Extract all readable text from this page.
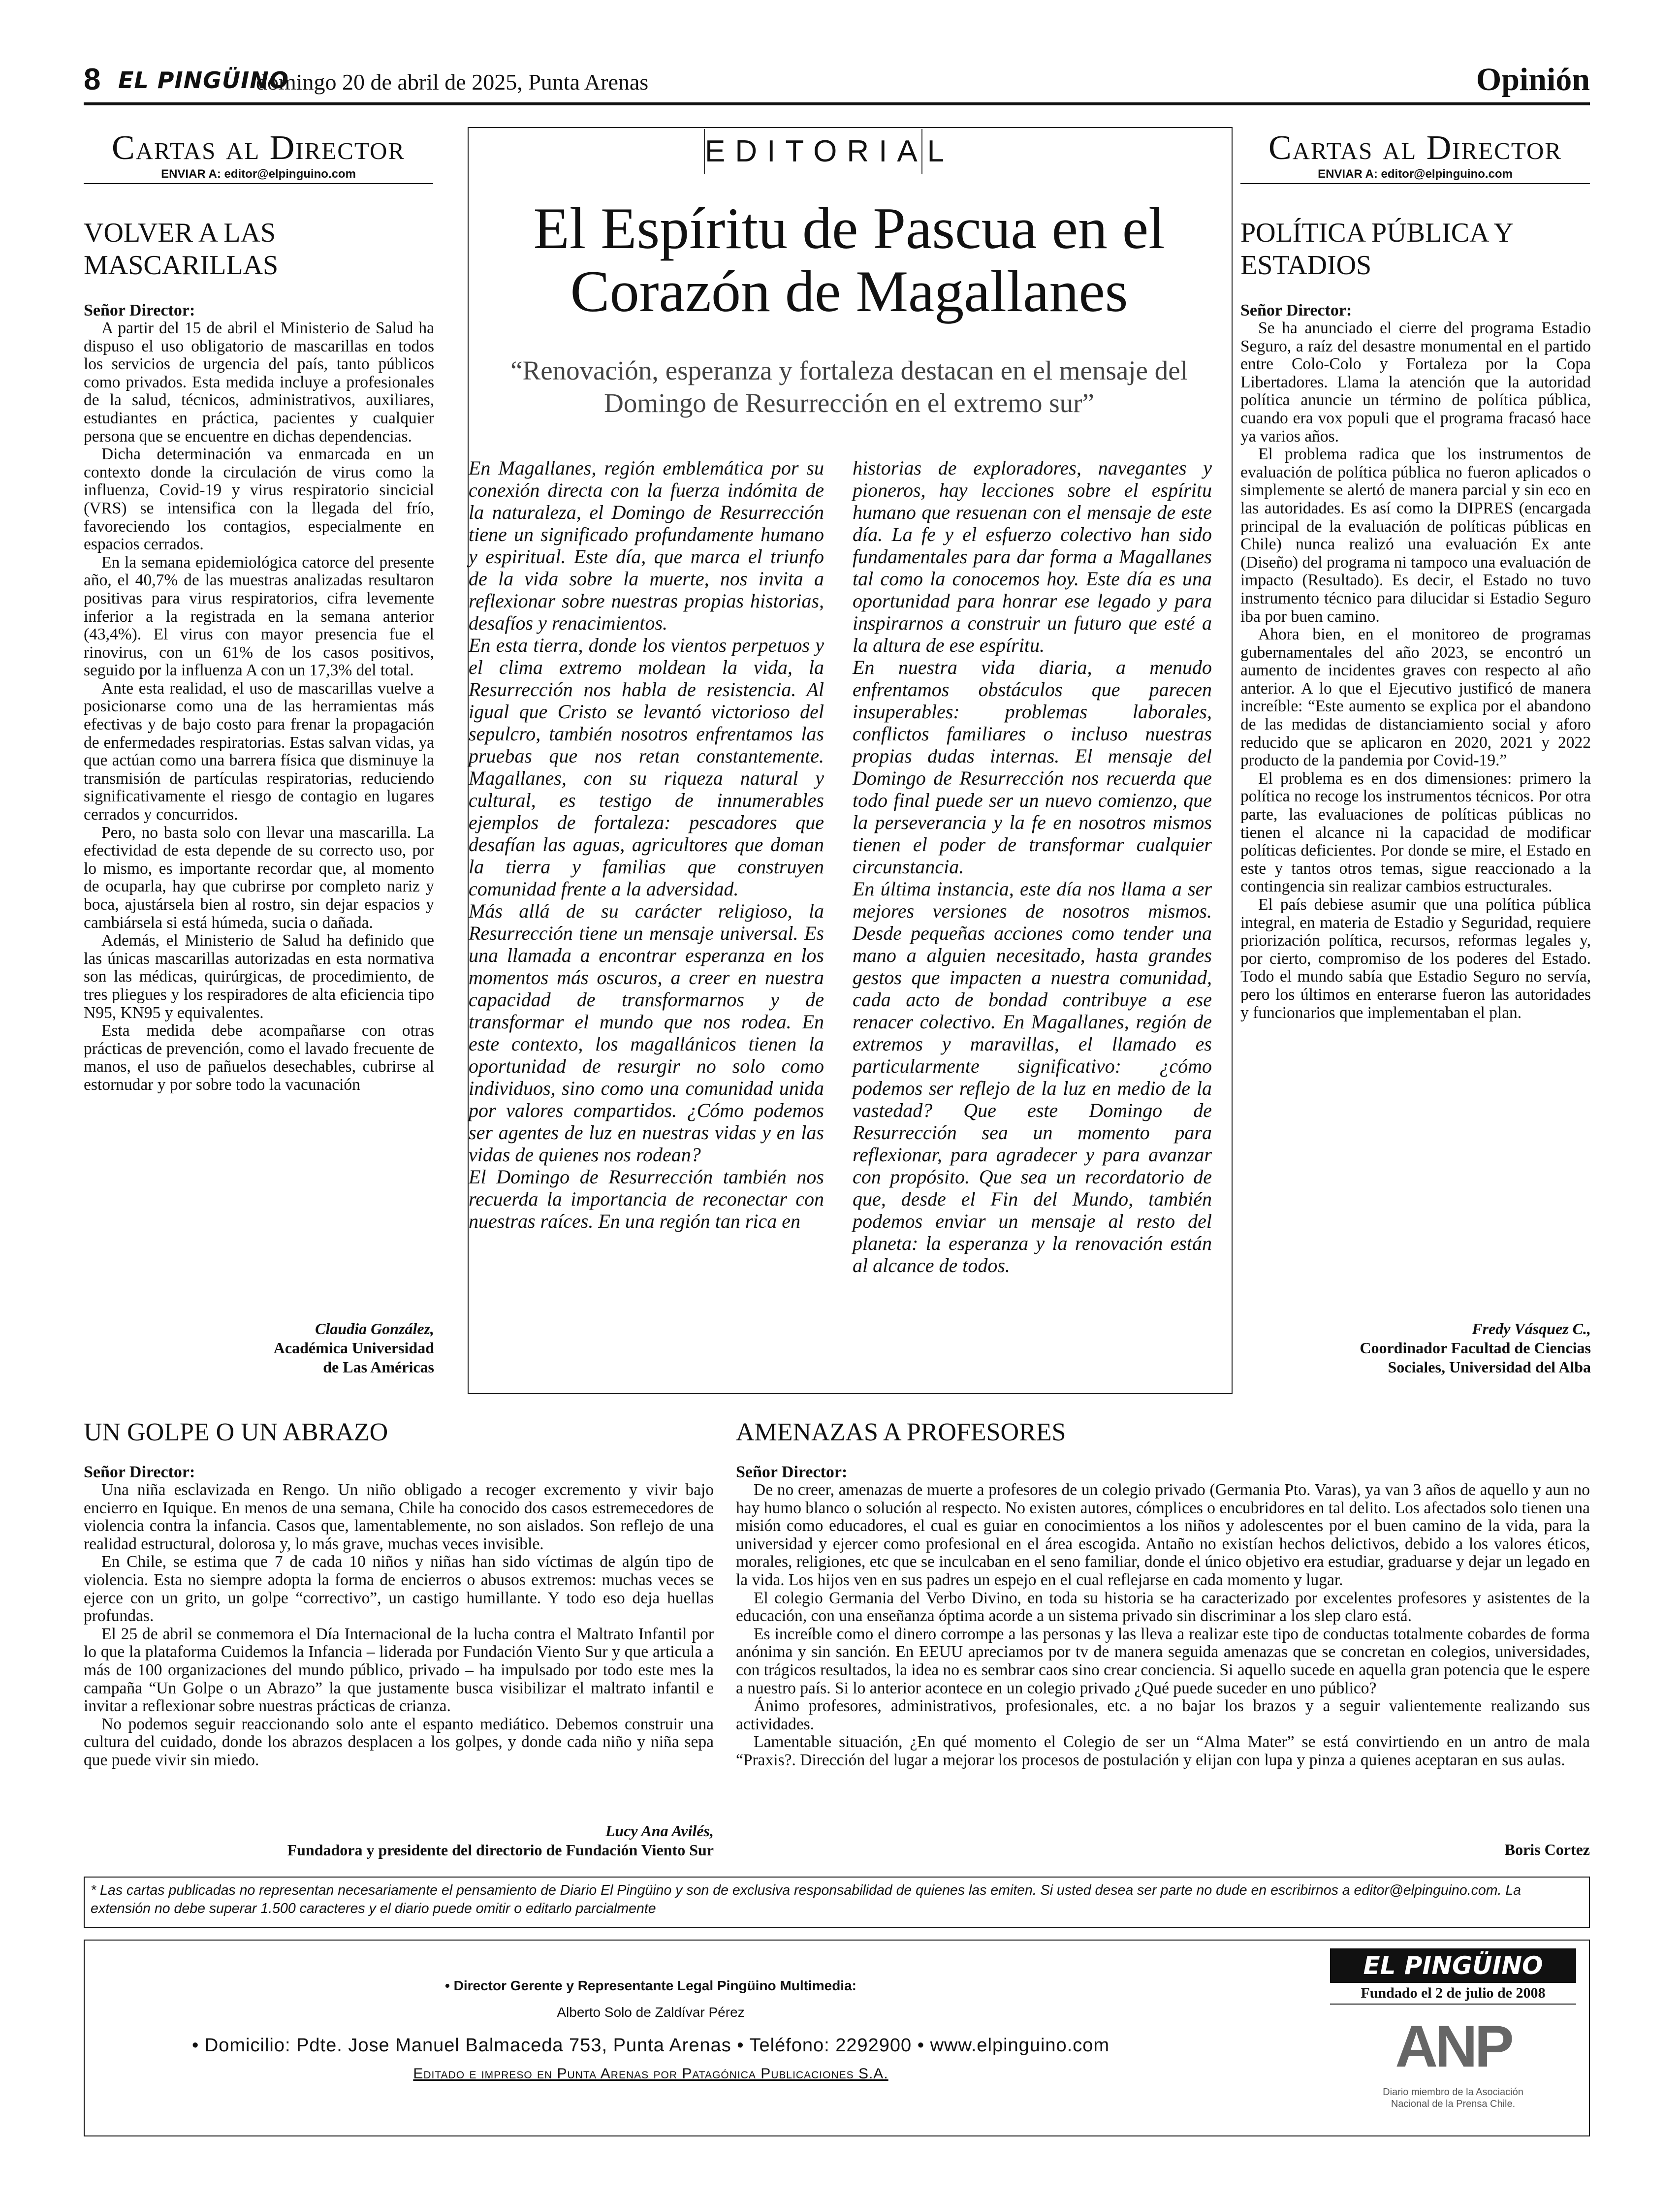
8 EL PINGÜINO
domingo 20 de abril de 2025, Punta Arenas	Opinión
Cartas al Director
ENVIAR A: editor@elpinguino.com
VOLVER A LAS MASCARILLAS
Señor Director:

A partir del 15 de abril el Ministerio de Salud ha dispuso el uso obligatorio de mascarillas en todos los servicios de urgencia del país, tanto públicos como privados. Esta medida incluye a profesionales de la salud, técnicos, administrativos, auxiliares, estudiantes en práctica, pacientes y cualquier persona que se encuentre en dichas dependencias.

Dicha determinación va enmarcada en un contexto donde la circulación de virus como la influenza, Covid-19 y virus respiratorio sincicial (VRS) se intensifica con la llegada del frío, favoreciendo los contagios, especialmente en espacios cerrados.

En la semana epidemiológica catorce del presente año, el 40,7% de las muestras analizadas resultaron positivas para virus respiratorios, cifra levemente inferior a la registrada en la semana anterior (43,4%). El virus con mayor presencia fue el rinovirus, con un 61% de los casos positivos, seguido por la influenza A con un 17,3% del total.

Ante esta realidad, el uso de mascarillas vuelve a posicionarse como una de las herramientas más efectivas y de bajo costo para frenar la propagación de enfermedades respiratorias. Estas salvan vidas, ya que actúan como una barrera física que disminuye la transmisión de partículas respiratorias, reduciendo significativamente el riesgo de contagio en lugares cerrados y concurridos.

Pero, no basta solo con llevar una mascarilla. La efectividad de esta depende de su correcto uso, por lo mismo, es importante recordar que, al momento de ocuparla, hay que cubrirse por completo nariz y boca, ajustársela bien al rostro, sin dejar espacios y cambiársela si está húmeda, sucia o dañada.

Además, el Ministerio de Salud ha definido que las únicas mascarillas autorizadas en esta normativa son las médicas, quirúrgicas, de procedimiento, de tres pliegues y los respiradores de alta eficiencia tipo N95, KN95 y equivalentes.

Esta medida debe acompañarse con otras prácticas de prevención, como el lavado frecuente de manos, el uso de pañuelos desechables, cubrirse al estornudar y por sobre todo la vacunación

Claudia González,
Académica Universidad
de Las Américas
EDITORIAL
El Espíritu de Pascua en el Corazón de Magallanes
“Renovación, esperanza y fortaleza destacan en el mensaje del Domingo de Resurrección en el extremo sur”

En Magallanes, región emblemática por su conexión directa con la fuerza indómita de la naturaleza, el Domingo de Resurrección tiene un significado profundamente humano y espiritual. Este día, que marca el triunfo de la vida sobre la muerte, nos invita a reflexionar sobre nuestras propias historias, desafíos y renacimientos.

En esta tierra, donde los vientos perpetuos y el clima extremo moldean la vida, la Resurrección nos habla de resistencia. Al igual que Cristo se levantó victorioso del sepulcro, también nosotros enfrentamos las pruebas que nos retan constantemente. Magallanes, con su riqueza natural y cultural, es testigo de innumerables ejemplos de fortaleza: pescadores que desafían las aguas, agricultores que doman la tierra y familias que construyen comunidad frente a la adversidad.

Más allá de su carácter religioso, la Resurrección tiene un mensaje universal. Es una llamada a encontrar esperanza en los momentos más oscuros, a creer en nuestra capacidad de transformarnos y de transformar el mundo que nos rodea. En este contexto, los magallánicos tienen la oportunidad de resurgir no solo como individuos, sino como una comunidad unida por valores compartidos. ¿Cómo podemos ser agentes de luz en nuestras vidas y en las vidas de quienes nos rodean?

El Domingo de Resurrección también nos recuerda la importancia de reconectar con nuestras raíces. En una región tan rica en

historias de exploradores, navegantes y pioneros, hay lecciones sobre el espíritu humano que resuenan con el mensaje de este día. La fe y el esfuerzo colectivo han sido fundamentales para dar forma a Magallanes tal como la conocemos hoy. Este día es una oportunidad para honrar ese legado y para inspirarnos a construir un futuro que esté a la altura de ese espíritu.

En nuestra vida diaria, a menudo enfrentamos obstáculos que parecen insuperables: problemas laborales, conflictos familiares o incluso nuestras propias dudas internas. El mensaje del Domingo de Resurrección nos recuerda que todo final puede ser un nuevo comienzo, que la perseverancia y la fe en nosotros mismos tienen el poder de transformar cualquier circunstancia.

En última instancia, este día nos llama a ser mejores versiones de nosotros mismos. Desde pequeñas acciones como tender una mano a alguien necesitado, hasta grandes gestos que impacten a nuestra comunidad, cada acto de bondad contribuye a ese renacer colectivo. En Magallanes, región de extremos y maravillas, el llamado es particularmente significativo: ¿cómo podemos ser reflejo de la luz en medio de la vastedad? Que este Domingo de Resurrección sea un momento para reflexionar, para agradecer y para avanzar con propósito. Que sea un recordatorio de que, desde el Fin del Mundo, también podemos enviar un mensaje al resto del planeta: la esperanza y la renovación están al alcance de todos.

Cartas al Director
ENVIAR A: editor@elpinguino.com
POLÍTICA PÚBLICA Y ESTADIOS
Señor Director:

Se ha anunciado el cierre del programa Estadio Seguro, a raíz del desastre monumental en el partido entre Colo-Colo y Fortaleza por la Copa Libertadores. Llama la atención que la autoridad política anuncie un término de política pública, cuando era vox populi que el programa fracasó hace ya varios años.

El problema radica que los instrumentos de evaluación de política pública no fueron aplicados o simplemente se alertó de manera parcial y sin eco en las autoridades. Es así como la DIPRES (encargada principal de la evaluación de políticas públicas en Chile) nunca realizó una evaluación Ex ante (Diseño) del programa ni tampoco una evaluación de impacto (Resultado). Es decir, el Estado no tuvo instrumento técnico para dilucidar si Estadio Seguro iba por buen camino.

Ahora bien, en el monitoreo de programas gubernamentales del año 2023, se encontró un aumento de incidentes graves con respecto al año anterior. A lo que el Ejecutivo justificó de manera increíble: “Este aumento se explica por el abandono de las medidas de distanciamiento social y aforo reducido que se aplicaron en 2020, 2021 y 2022 producto de la pandemia por Covid-19.”

El problema es en dos dimensiones: primero la política no recoge los instrumentos técnicos. Por otra parte, las evaluaciones de políticas públicas no tienen el alcance ni la capacidad de modificar políticas deficientes. Por donde se mire, el Estado en este y tantos otros temas, sigue reaccionado a la contingencia sin realizar cambios estructurales.

El país debiese asumir que una política pública integral, en materia de Estadio y Seguridad, requiere priorización política, recursos, reformas legales y, por cierto, compromiso de los poderes del Estado. Todo el mundo sabía que Estadio Seguro no servía, pero los últimos en enterarse fueron las autoridades y funcionarios que implementaban el plan.

Fredy Vásquez C.,
Coordinador Facultad de Ciencias
Sociales, Universidad del Alba
UN GOLPE O UN ABRAZO
Señor Director:

Una niña esclavizada en Rengo. Un niño obligado a recoger excremento y vivir bajo encierro en Iquique. En menos de una semana, Chile ha conocido dos casos estremecedores de violencia contra la infancia. Casos que, lamentablemente, no son aislados. Son reflejo de una realidad estructural, dolorosa y, lo más grave, muchas veces invisible.

En Chile, se estima que 7 de cada 10 niños y niñas han sido víctimas de algún tipo de violencia. Esta no siempre adopta la forma de encierros o abusos extremos: muchas veces se ejerce con un grito, un golpe “correctivo”, un castigo humillante. Y todo eso deja huellas profundas.

El 25 de abril se conmemora el Día Internacional de la lucha contra el Maltrato Infantil por lo que la plataforma Cuidemos la Infancia – liderada por Fundación Viento Sur y que articula a más de 100 organizaciones del mundo público, privado – ha impulsado por todo este mes la campaña “Un Golpe o un Abrazo” la que justamente busca visibilizar el maltrato infantil e invitar a reflexionar sobre nuestras prácticas de crianza.

No podemos seguir reaccionando solo ante el espanto mediático. Debemos construir una cultura del cuidado, donde los abrazos desplacen a los golpes, y donde cada niño y niña sepa que puede vivir sin miedo.

Lucy Ana Avilés,
Fundadora y presidente del directorio de Fundación Viento Sur
AMENAZAS A PROFESORES
Señor Director:

De no creer, amenazas de muerte a profesores de un colegio privado (Germania Pto. Varas), ya van 3 años de aquello y aun no hay humo blanco o solución al respecto. No existen autores, cómplices o encubridores en tal delito. Los afectados solo tienen una misión como educadores, el cual es guiar en conocimientos a los niños y adolescentes por el buen camino de la vida, para la universidad y ejercer como profesional en el área escogida. Antaño no existían hechos delictivos, debido a los valores éticos, morales, religiones, etc que se inculcaban en el seno familiar, donde el único objetivo era estudiar, graduarse y dejar un legado en la vida. Los hijos ven en sus padres un espejo en el cual reflejarse en cada momento y lugar.

El colegio Germania del Verbo Divino, en toda su historia se ha caracterizado por excelentes profesores y asistentes de la educación, con una enseñanza óptima acorde a un sistema privado sin discriminar a los slep claro está.

Es increíble como el dinero corrompe a las personas y las lleva a realizar este tipo de conductas totalmente cobardes de forma anónima y sin sanción. En EEUU apreciamos por tv de manera seguida amenazas que se concretan en colegios, universidades, con trágicos resultados, la idea no es sembrar caos sino crear conciencia. Si aquello sucede en aquella gran potencia que le espere a nuestro país. Si lo anterior acontece en un colegio privado ¿Qué puede suceder en uno público?

Ánimo profesores, administrativos, profesionales, etc. a no bajar los brazos y a seguir valientemente realizando sus actividades.

Lamentable situación, ¿En qué momento el Colegio de ser un “Alma Mater” se está convirtiendo en un antro de mala “Praxis?. Dirección del lugar a mejorar los procesos de postulación y elijan con lupa y pinza a quienes aceptaran en sus aulas.

Boris Cortez
* Las cartas publicadas no representan necesariamente el pensamiento de Diario El Pingüino y son de exclusiva responsabilidad de quienes las emiten. Si usted desea ser parte no dude en escribirnos a editor@elpinguino.com. La extensión no debe superar 1.500 caracteres y el diario puede omitir o editarlo parcialmente
• Director Gerente y Representante Legal Pingüino Multimedia:
Alberto Solo de Zaldívar Pérez
• Domicilio: Pdte. Jose Manuel Balmaceda 753, Punta Arenas • Teléfono: 2292900 • www.elpinguino.com
Editado e impreso en Punta Arenas por Patagónica Publicaciones S.A.
EL PINGÜINO
Fundado el 2 de julio de 2008
ANP
Diario miembro de la Asociación
Nacional de la Prensa Chile.
